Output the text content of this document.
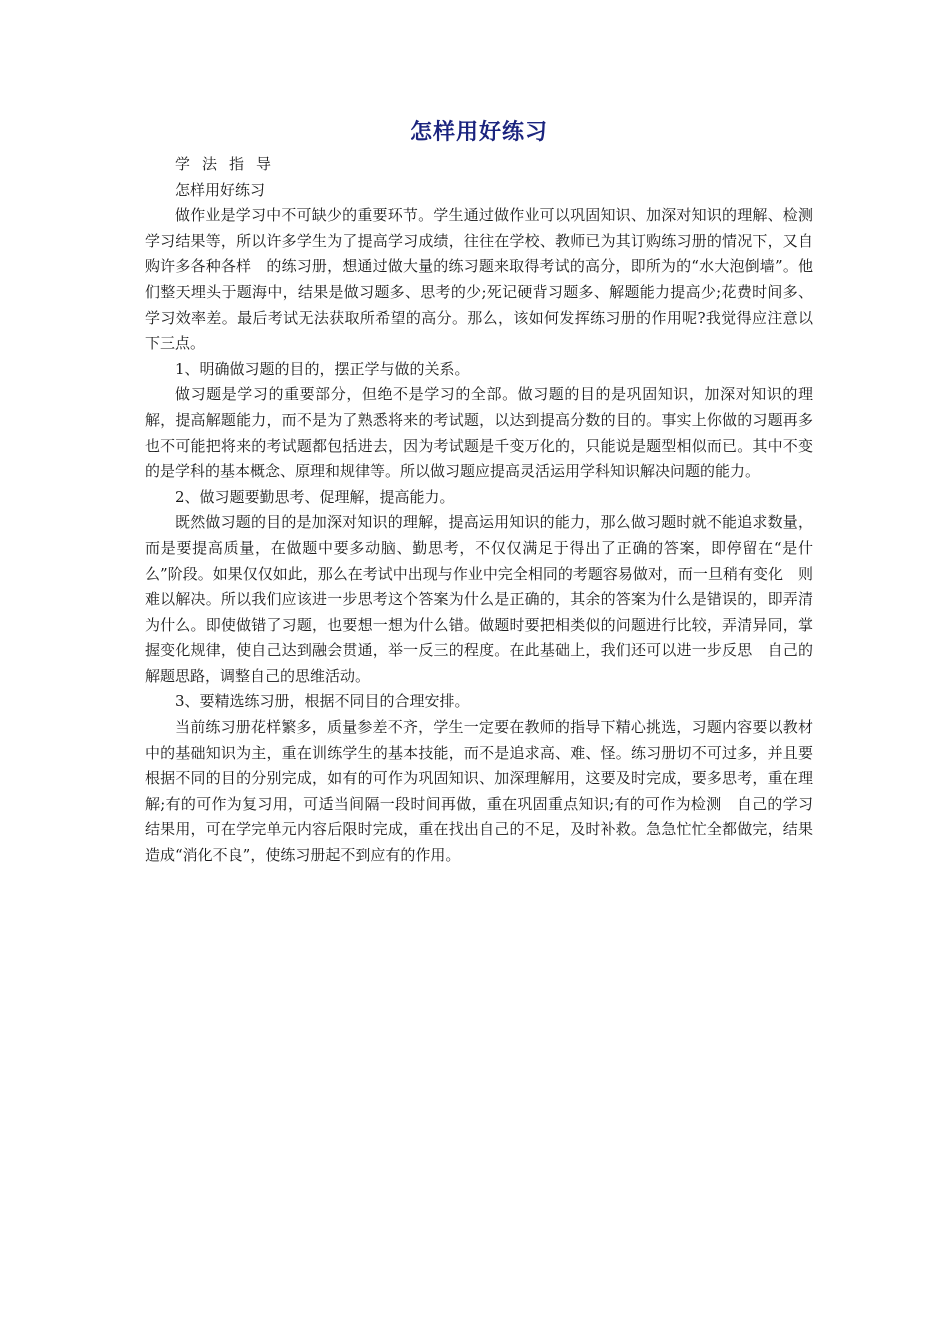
怎样用好练习

学法指导

怎样用好练习

做作业是学习中不可缺少的重要环节。学生通过做作业可以巩固知识、加深对知识的理解、检测学习结果等，所以许多学生为了提高学习成绩，往往在学校、教师已为其订购练习册的情况下，又自购许多各种各样　的练习册，想通过做大量的练习题来取得考试的高分，即所为的“水大泡倒墙”。他们整天埋头于题海中，结果是做习题多、思考的少;死记硬背习题多、解题能力提高少;花费时间多、学习效率差。最后考试无法获取所希望的高分。那么，该如何发挥练习册的作用呢?我觉得应注意以下三点。

1、明确做习题的目的，摆正学与做的关系。

做习题是学习的重要部分，但绝不是学习的全部。做习题的目的是巩固知识，加深对知识的理解，提高解题能力，而不是为了熟悉将来的考试题，以达到提高分数的目的。事实上你做的习题再多也不可能把将来的考试题都包括进去，因为考试题是千变万化的，只能说是题型相似而已。其中不变的是学科的基本概念、原理和规律等。所以做习题应提高灵活运用学科知识解决问题的能力。

2、做习题要勤思考、促理解，提高能力。

既然做习题的目的是加深对知识的理解，提高运用知识的能力，那么做习题时就不能追求数量，而是要提高质量，在做题中要多动脑、勤思考，不仅仅满足于得出了正确的答案，即停留在“是什么”阶段。如果仅仅如此，那么在考试中出现与作业中完全相同的考题容易做对，而一旦稍有变化　则难以解决。所以我们应该进一步思考这个答案为什么是正确的，其余的答案为什么是错误的，即弄清为什么。即使做错了习题，也要想一想为什么错。做题时要把相类似的问题进行比较，弄清异同，掌握变化规律，使自己达到融会贯通，举一反三的程度。在此基础上，我们还可以进一步反思　自己的解题思路，调整自己的思维活动。

3、要精选练习册，根据不同目的合理安排。

当前练习册花样繁多，质量参差不齐，学生一定要在教师的指导下精心挑选，习题内容要以教材中的基础知识为主，重在训练学生的基本技能，而不是追求高、难、怪。练习册切不可过多，并且要根据不同的目的分别完成，如有的可作为巩固知识、加深理解用，这要及时完成，要多思考，重在理解;有的可作为复习用，可适当间隔一段时间再做，重在巩固重点知识;有的可作为检测　自己的学习结果用，可在学完单元内容后限时完成，重在找出自己的不足，及时补救。急急忙忙全都做完，结果造成“消化不良”，使练习册起不到应有的作用。
